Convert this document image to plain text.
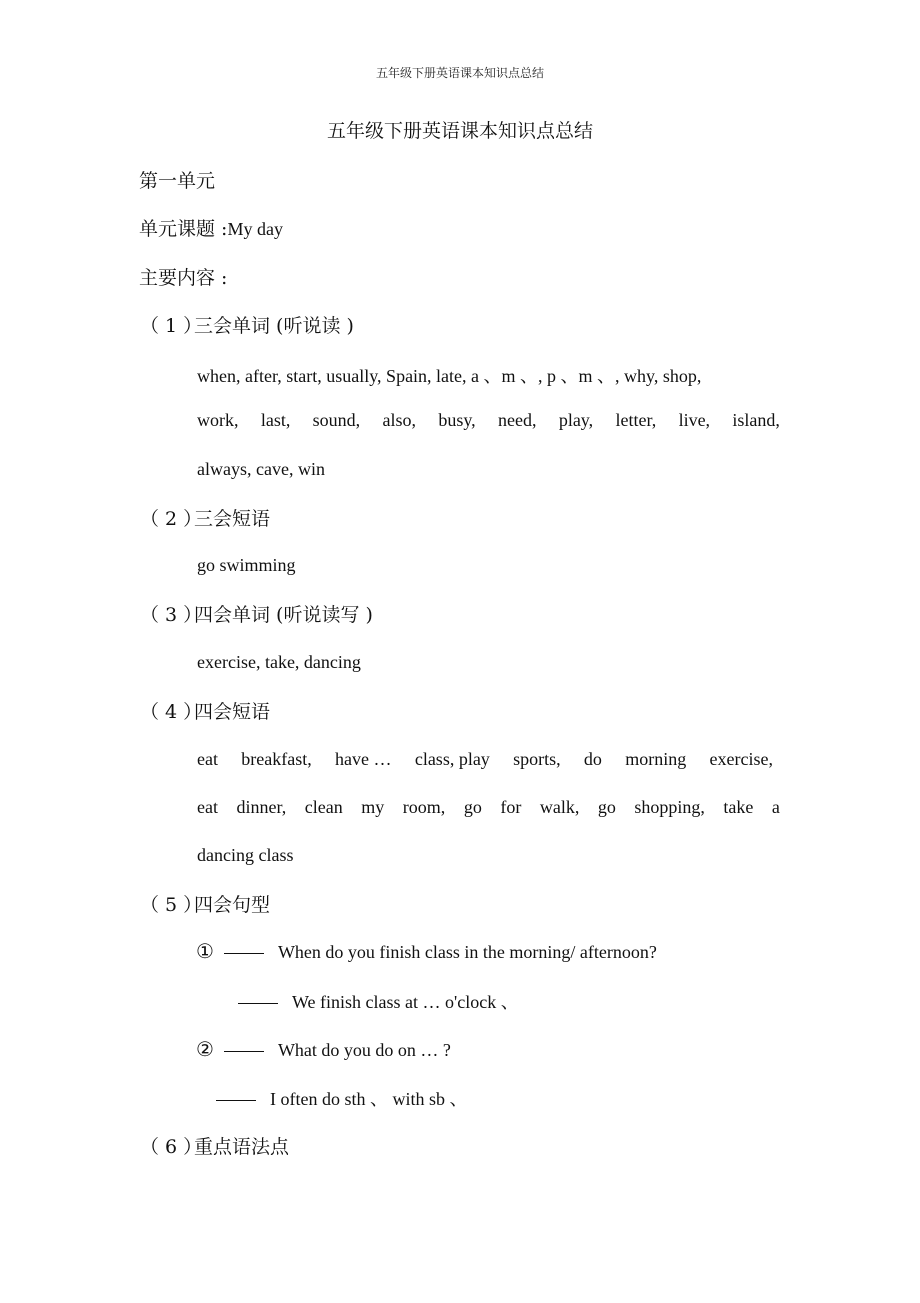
五年级下册英语课本知识点总结
五年级下册英语课本知识点总结
第一单元
单元课题 :My day
主要内容 :
（ 1 ）三会单词 (听说读 )
when, after, start, usually, Spain, late, a 、m 、, p 、m 、, why, shop,
work, last, sound, also, busy, need, play, letter, live, island,
always, cave, win
（ 2 ）三会短语
go swimming
（ 3 ）四会单词 (听说读写 )
exercise, take, dancing
（ 4 ）四会短语
eat breakfast, have … class, play sports, do morning exercise,
eat dinner, clean my room, go for walk, go shopping, take a
dancing class
（ 5 ）四会句型
①	When do you finish class in the morning/ afternoon?
We finish class at … o'clock 、
②	What do you do on … ?
I often do sth 、 with sb 、
（ 6 ）重点语法点
